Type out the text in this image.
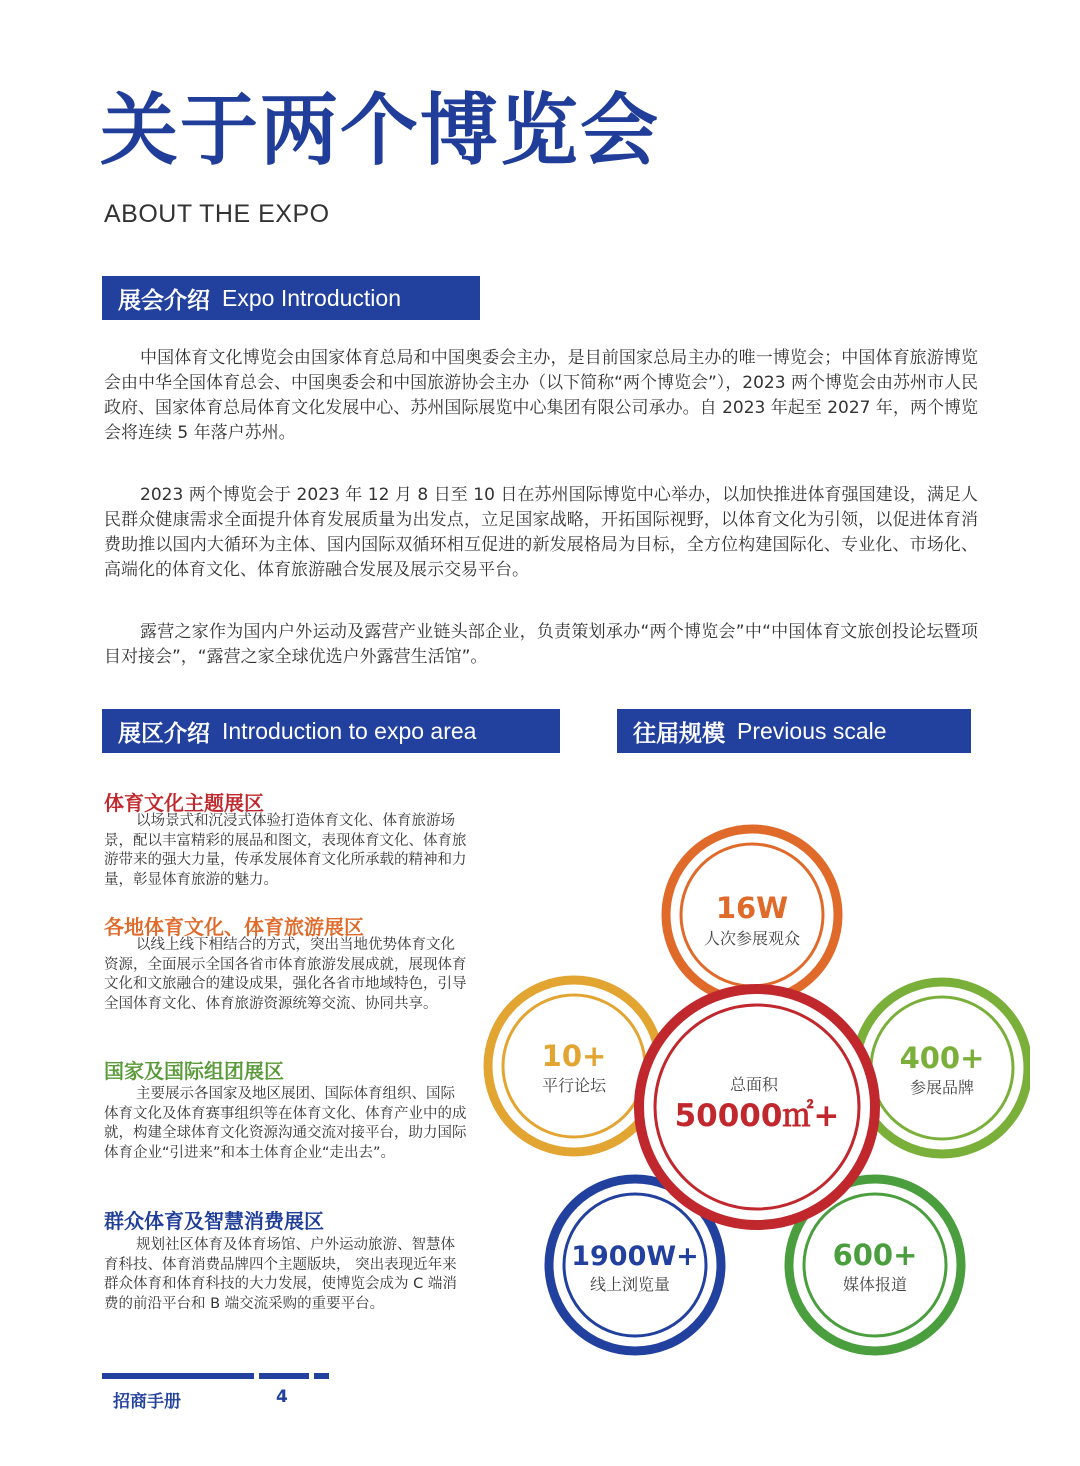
关于两个博览会
ABOUT THE EXPO
展会介绍 Expo Introduction
中国体育文化博览会由国家体育总局和中国奥委会主办，是目前国家总局主办的唯一博览会；中国体育旅游博览会由中华全国体育总会、中国奥委会和中国旅游协会主办（以下简称“两个博览会”），2023 两个博览会由苏州市人民政府、国家体育总局体育文化发展中心、苏州国际展览中心集团有限公司承办。自 2023 年起至 2027 年，两个博览会将连续 5 年落户苏州。
2023 两个博览会于 2023 年 12 月 8 日至 10 日在苏州国际博览中心举办，以加快推进体育强国建设，满足人民群众健康需求全面提升体育发展质量为出发点，立足国家战略，开拓国际视野，以体育文化为引领，以促进体育消费助推以国内大循环为主体、国内国际双循环相互促进的新发展格局为目标，全方位构建国际化、专业化、市场化、高端化的体育文化、体育旅游融合发展及展示交易平台。
露营之家作为国内户外运动及露营产业链头部企业，负责策划承办“两个博览会”中“中国体育文旅创投论坛暨项目对接会”，“露营之家全球优选户外露营生活馆”。
展区介绍 Introduction to expo area	往届规模 Previous scale
体育文化主题展区
以场景式和沉浸式体验打造体育文化、体育旅游场景，配以丰富精彩的展品和图文，表现体育文化、体育旅游带来的强大力量，传承发展体育文化所承载的精神和力量，彰显体育旅游的魅力。
各地体育文化、体育旅游展区
以线上线下相结合的方式，突出当地优势体育文化资源，全面展示全国各省市体育旅游发展成就，展现体育文化和文旅融合的建设成果，强化各省市地域特色，引导全国体育文化、体育旅游资源统筹交流、协同共享。
国家及国际组团展区
主要展示各国家及地区展团、国际体育组织、国际体育文化及体育赛事组织等在体育文化、体育产业中的成就，构建全球体育文化资源沟通交流对接平台，助力国际体育企业“引进来”和本土体育企业“走出去”。
群众体育及智慧消费展区
规划社区体育及体育场馆、户外运动旅游、智慧体育科技、体育消费品牌四个主题版块， 突出表现近年来群众体育和体育科技的大力发展，使博览会成为 C 端消费的前沿平台和 B 端交流采购的重要平台。
16W
人次参展观众
10+
平行论坛
400+
参展品牌
1900W+
线上浏览量
600+
媒体报道
总面积
50000㎡+
招商手册	4
